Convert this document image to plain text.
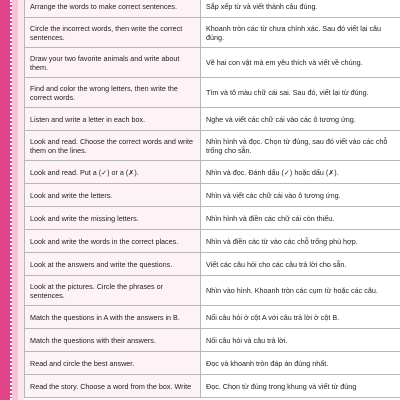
Arrange the words to make correct sentences.	Sắp xếp từ và viết thành câu đúng.
Circle the incorrect words, then write the correct sentences.	Khoanh tròn các từ chưa chính xác. Sau đó viết lại câu đúng.
Draw your two favorite animals and write about them.	Vẽ hai con vật mà em yêu thích và viết về chúng.
Find and color the wrong letters, then write the correct words.	Tìm và tô màu chữ cái sai. Sau đó, viết lại từ đúng.
Listen and write a letter in each box.	Nghe và viết các chữ cái vào các ô tương ứng.
Look and read. Choose the correct words and write them on the lines.	Nhìn hình và đọc. Chọn từ đúng, sau đó viết vào các chỗ trống cho sẵn.
Look and read. Put a (✓) or a (✗).	Nhìn và đọc. Đánh dấu (✓) hoặc dấu (✗).
Look and write the letters.	Nhìn và viết các chữ cái vào ô tương ứng.
Look and write the missing letters.	Nhìn hình và điền các chữ cái còn thiếu.
Look and write the words in the correct places.	Nhìn và điền các từ vào các chỗ trống phù hợp.
Look at the answers and write the questions.	Viết các câu hỏi cho các câu trả lời cho sẵn.
Look at the pictures. Circle the phrases or sentences.	Nhìn vào hình. Khoanh tròn các cụm từ hoặc các câu.
Match the questions in A with the answers in B.	Nối câu hỏi ở cột A với câu trả lời ở cột B.
Match the questions with their answers.	Nối câu hỏi và câu trả lời.
Read and circle the best answer.	Đọc và khoanh tròn đáp án đúng nhất.
Read the story. Choose a word from the box. Write	Đọc. Chọn từ đúng trong khung và viết từ đúng
